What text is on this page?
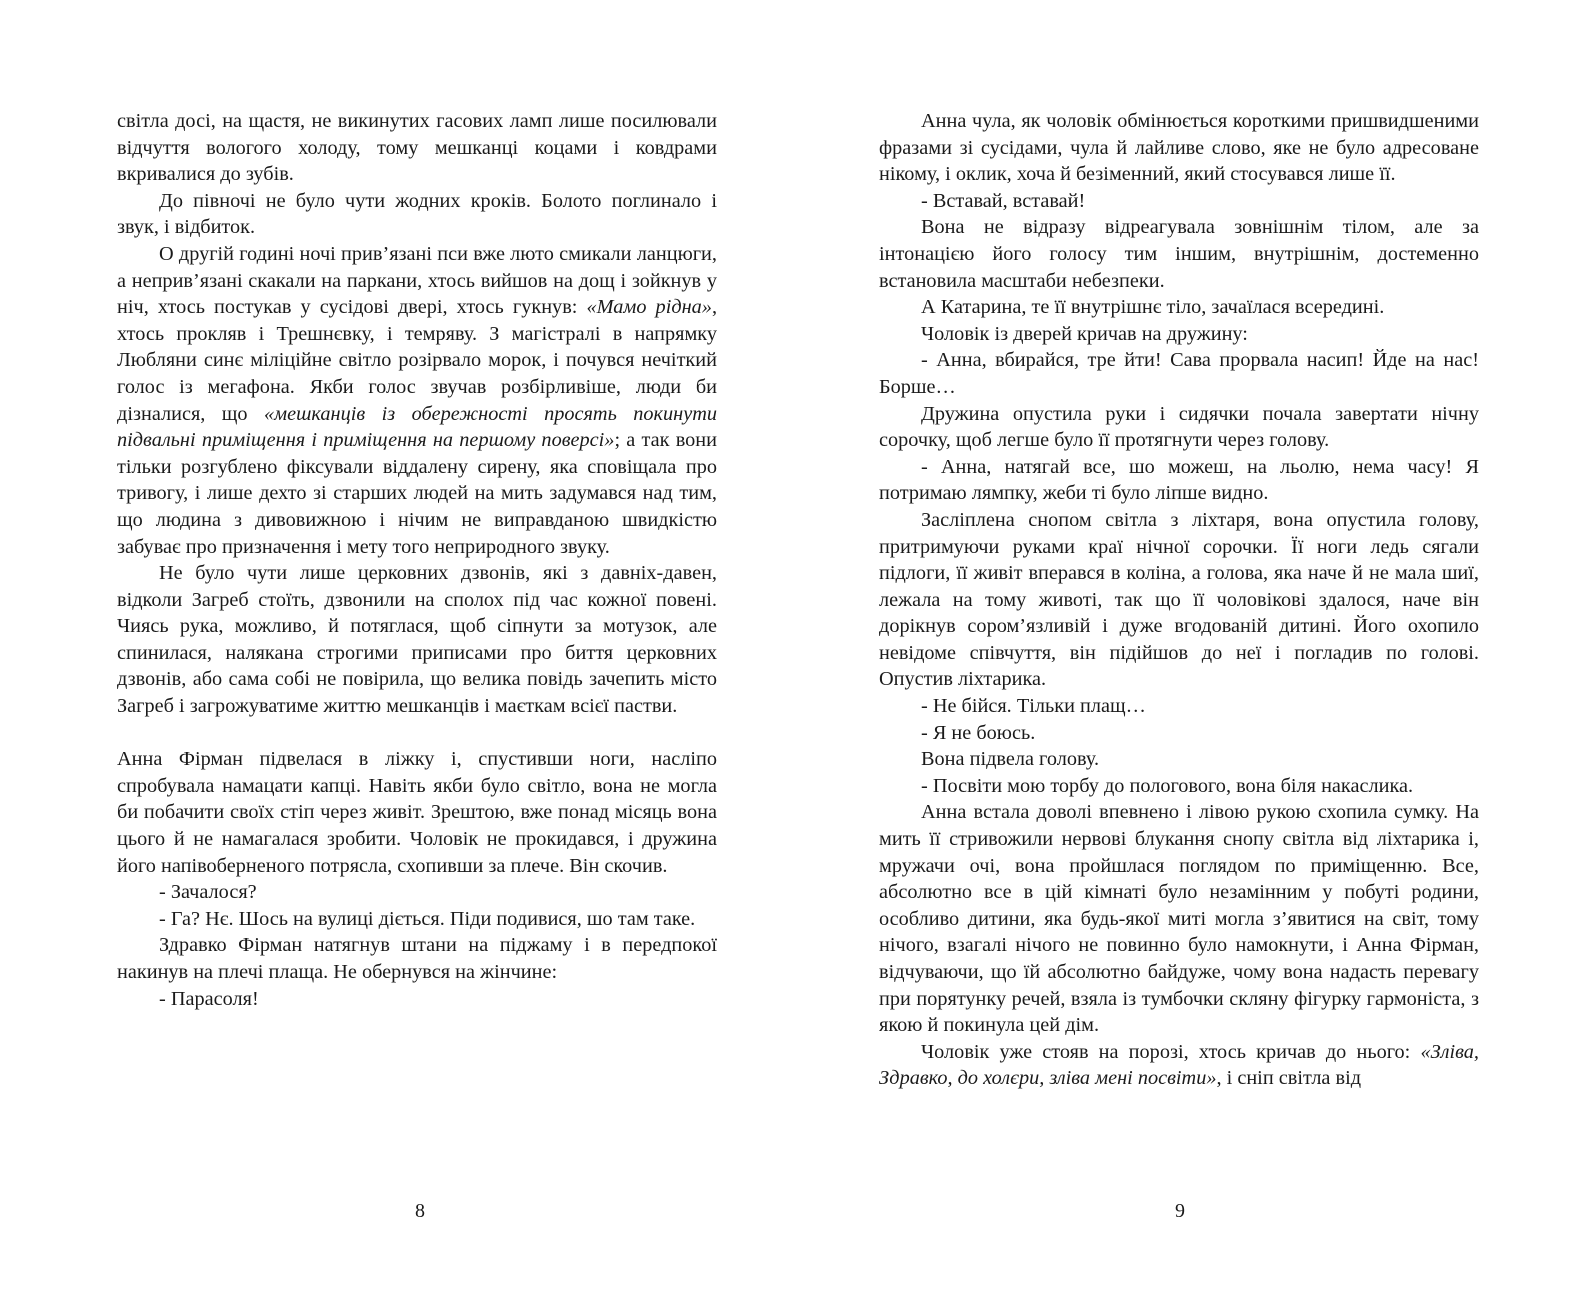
світла досі, на щастя, не викинутих гасових ламп лише посилювали відчуття вологого холоду, тому мешканці коцами і ковдрами вкривалися до зубів.

До півночі не було чути жодних кроків. Болото поглинало і звук, і відбиток.

О другій годині ночі прив’язані пси вже люто смикали ланцюги, а неприв’язані скакали на паркани, хтось вийшов на дощ і зойкнув у ніч, хтось постукав у сусідові двері, хтось гукнув: «Мамо рідна», хтось прокляв і Трешнєвку, і темряву. З магістралі в напрямку Любляни синє міліційне світло розірвало морок, і почувся нечіткий голос із мегафона. Якби голос звучав розбірливіше, люди би дізналися, що «мешканців із обережності просять покинути підвальні приміщення і приміщення на першому поверсі»; а так вони тільки розгублено фіксували віддалену сирену, яка сповіщала про тривогу, і лише дехто зі старших людей на мить задумався над тим, що людина з дивовижною і нічим не виправданою швидкістю забуває про призначення і мету того неприродного звуку.

Не було чути лише церковних дзвонів, які з давніх-давен, відколи Загреб стоїть, дзвонили на сполох під час кожної повені. Чиясь рука, можливо, й потяглася, щоб сіпнути за мотузок, але спинилася, налякана строгими приписами про биття церковних дзвонів, або сама собі не повірила, що велика повідь зачепить місто Загреб і загрожуватиме життю мешканців і маєткам всієї пастви.

Анна Фірман підвелася в ліжку і, спустивши ноги, насліпо спробувала намацати капці. Навіть якби було світло, вона не могла би побачити своїх стіп через живіт. Зрештою, вже понад місяць вона цього й не намагалася зробити. Чоловік не прокидався, і дружина його напівоберненого потрясла, схопивши за плече. Він скочив.

- Зачалося?

- Га? Нє. Шось на вулиці діється. Піди подивися, шо там таке.

Здравко Фірман натягнув штани на піджаму і в передпокої накинув на плечі плаща. Не обернувся на жінчине:

- Парасоля!

Анна чула, як чоловік обмінюється короткими пришвидшеними фразами зі сусідами, чула й лайливе слово, яке не було адресоване нікому, і оклик, хоча й безіменний, який стосувався лише її.

- Вставай, вставай!

Вона не відразу відреагувала зовнішнім тілом, але за інтонацією його голосу тим іншим, внутрішнім, достеменно встановила масштаби небезпеки.

А Катарина, те її внутрішнє тіло, зачаїлася всередині.

Чоловік із дверей кричав на дружину:

- Анна, вбирайся, тре йти! Сава прорвала насип! Йде на нас! Борше…

Дружина опустила руки і сидячки почала завертати нічну сорочку, щоб легше було її протягнути через голову.

- Анна, натягай все, шо можеш, на льолю, нема часу! Я потримаю лямпку, жеби ті було ліпше видно.

Засліплена снопом світла з ліхтаря, вона опустила голову, притримуючи руками краї нічної сорочки. Її ноги ледь сягали підлоги, її живіт вперався в коліна, а голова, яка наче й не мала шиї, лежала на тому животі, так що її чоловікові здалося, наче він дорікнув сором’язливій і дуже вгодованій дитині. Його охопило невідоме співчуття, він підійшов до неї і погладив по голові. Опустив ліхтарика.

- Не бійся. Тільки плащ…

- Я не боюсь.

Вона підвела голову.

- Посвіти мою торбу до пологового, вона біля накаслика.

Анна встала доволі впевнено і лівою рукою схопила сумку. На мить її стривожили нервові блукання снопу світла від ліхтарика і, мружачи очі, вона пройшлася поглядом по приміщенню. Все, абсолютно все в цій кімнаті було незамінним у побуті родини, особливо дитини, яка будь-якої миті могла з’явитися на світ, тому нічого, взагалі нічого не повинно було намокнути, і Анна Фірман, відчуваючи, що їй абсолютно байдуже, чому вона надасть перевагу при порятунку речей, взяла із тумбочки скляну фігурку гармоніста, з якою й покинула цей дім.

Чоловік уже стояв на порозі, хтось кричав до нього: «Зліва, Здравко, до холєри, зліва мені посвіти», і сніп світла від

8	9
